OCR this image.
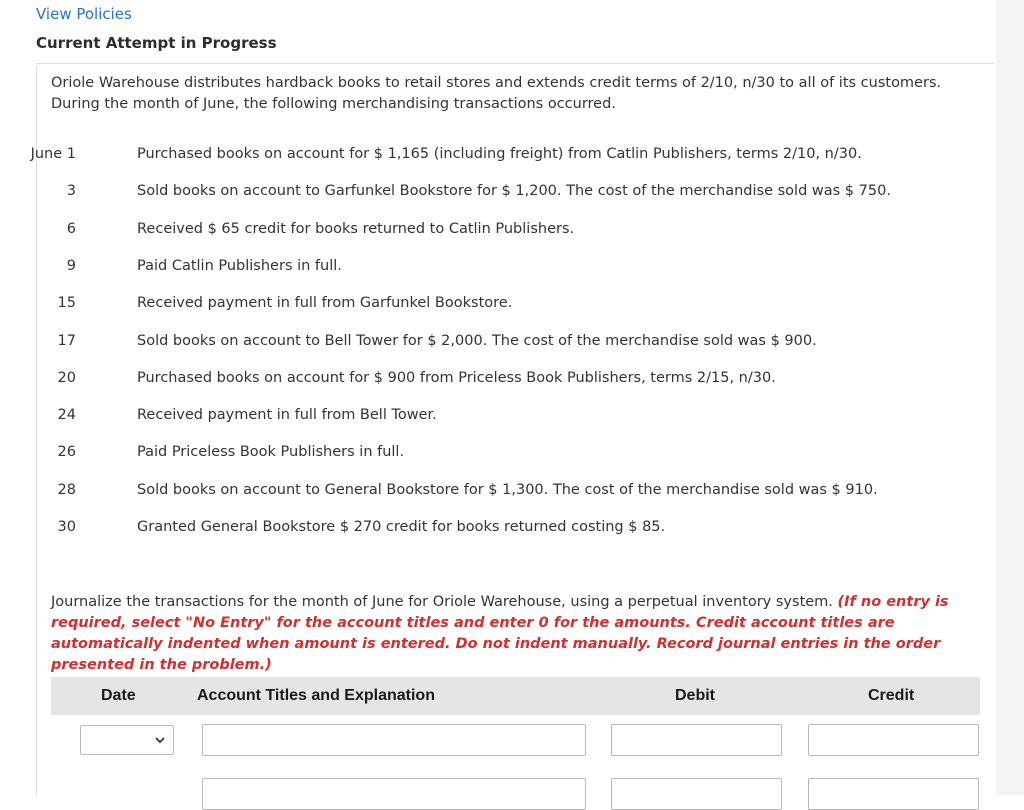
View Policies
Current Attempt in Progress
Oriole Warehouse distributes hardback books to retail stores and extends credit terms of 2/10, n/30 to all of its customers. During the month of June, the following merchandising transactions occurred.
June 1	Purchased books on account for $ 1,165 (including freight) from Catlin Publishers, terms 2/10, n/30.
3	Sold books on account to Garfunkel Bookstore for $ 1,200. The cost of the merchandise sold was $ 750.
6	Received $ 65 credit for books returned to Catlin Publishers.
9	Paid Catlin Publishers in full.
15	Received payment in full from Garfunkel Bookstore.
17	Sold books on account to Bell Tower for $ 2,000. The cost of the merchandise sold was $ 900.
20	Purchased books on account for $ 900 from Priceless Book Publishers, terms 2/15, n/30.
24	Received payment in full from Bell Tower.
26	Paid Priceless Book Publishers in full.
28	Sold books on account to General Bookstore for $ 1,300. The cost of the merchandise sold was $ 910.
30	Granted General Bookstore $ 270 credit for books returned costing $ 85.
Journalize the transactions for the month of June for Oriole Warehouse, using a perpetual inventory system. (If no entry is required, select "No Entry" for the account titles and enter 0 for the amounts. Credit account titles are automatically indented when amount is entered. Do not indent manually. Record journal entries in the order presented in the problem.)
Date	Account Titles and Explanation	Debit	Credit
